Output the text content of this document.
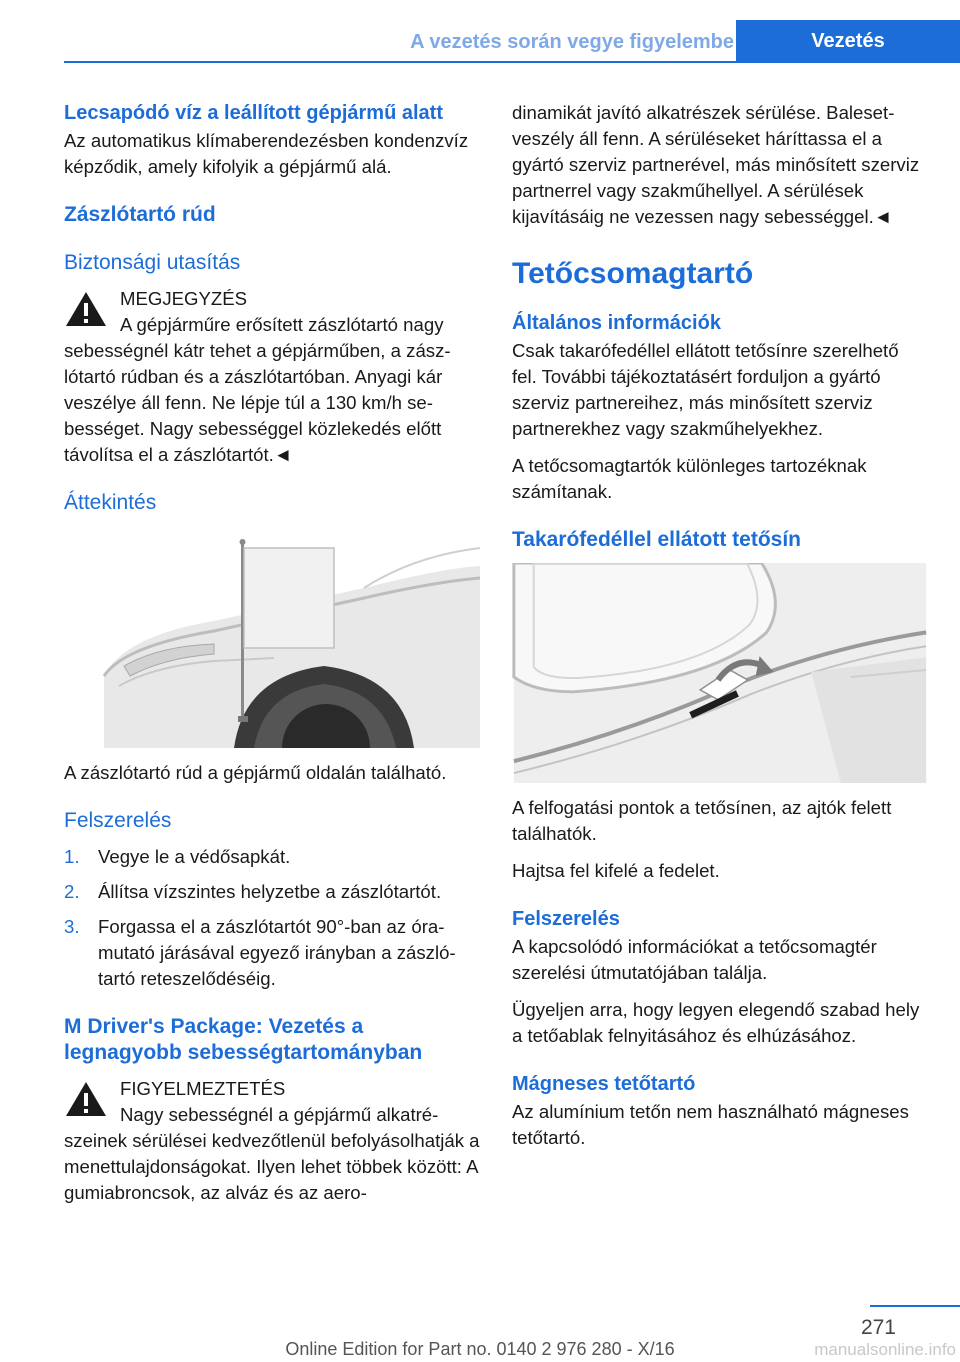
A vezetés során vegye figyelembe	Vezetés
Lecsapódó víz a leállított gépjármű alatt

Az automatikus klímaberendezésben kondenzvíz képződik, amely kifolyik a gépjármű alá.

Zászlótartó rúd
Biztonsági utasítás

MEGJEGYZÉS

A gépjárműre erősített zászlótartó nagy sebességnél kátr tehet a gépjárműben, a zászlótartó rúdban és a zászlótartóban. Anyagi kár veszélye áll fenn. Ne lépje túl a 130 km/h sebességet. Nagy sebességgel közlekedés előtt távolítsa el a zászlótartót.◄

Áttekintés

A zászlótartó rúd a gépjármű oldalán található.

Felszerelés
1. Vegye le a védősapkát.
2. Állítsa vízszintes helyzetbe a zászlótartót.
3. Forgassa el a zászlótartót 90°-ban az óramutató járásával egyező irányban a zászlótartó reteszelődéséig.
M Driver's Package: Vezetés a legnagyobb sebességtartományban

FIGYELMEZTETÉS

Nagy sebességnél a gépjármű alkatrészeinek sérülései kedvezőtlenül befolyásolhatják a menettulajdonságokat. Ilyen lehet többek között: A gumiabroncsok, az alváz és az aero-

dinamikát javító alkatrészek sérülése. Balesetveszély áll fenn. A sérüléseket háríttassa el a gyártó szerviz partnerével, más minősített szerviz partnerrel vagy szakműhellyel. A sérülések kijavításáig ne vezessen nagy sebességgel.◄

Tetőcsomagtartó
Általános információk

Csak takarófedéllel ellátott tetősínre szerelhető fel. További tájékoztatásért forduljon a gyártó szerviz partnereihez, más minősített szerviz partnerekhez vagy szakműhelyekhez.

A tetőcsomagtartók különleges tartozéknak számítanak.

Takarófedéllel ellátott tetősín

A felfogatási pontok a tetősínen, az ajtók felett találhatók.

Hajtsa fel kifelé a fedelet.

Felszerelés

A kapcsolódó információkat a tetőcsomagtér szerelési útmutatójában találja.

Ügyeljen arra, hogy legyen elegendő szabad hely a tetőablak felnyitásához és elhúzásához.

Mágneses tetőtartó

Az alumínium tetőn nem használható mágneses tetőtartó.

271
Online Edition for Part no. 0140 2 976 280 - X/16	manualsonline.info
